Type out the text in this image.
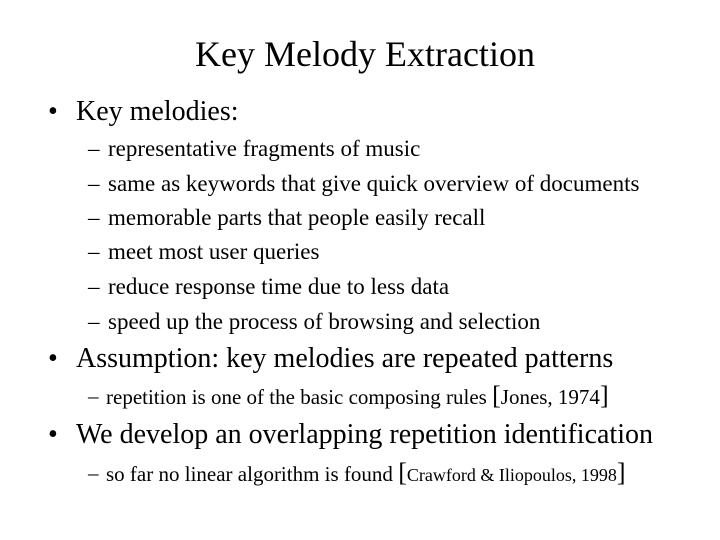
Key Melody Extraction
• Key melodies:
– representative fragments of music
– same as keywords that give quick overview of documents
– memorable parts that people easily recall
– meet most user queries
– reduce response time due to less data
– speed up the process of browsing and selection
• Assumption: key melodies are repeated patterns
– repetition is one of the basic composing rules [Jones, 1974]
• We develop an overlapping repetition identification
– so far no linear algorithm is found [Crawford & Iliopoulos, 1998]
